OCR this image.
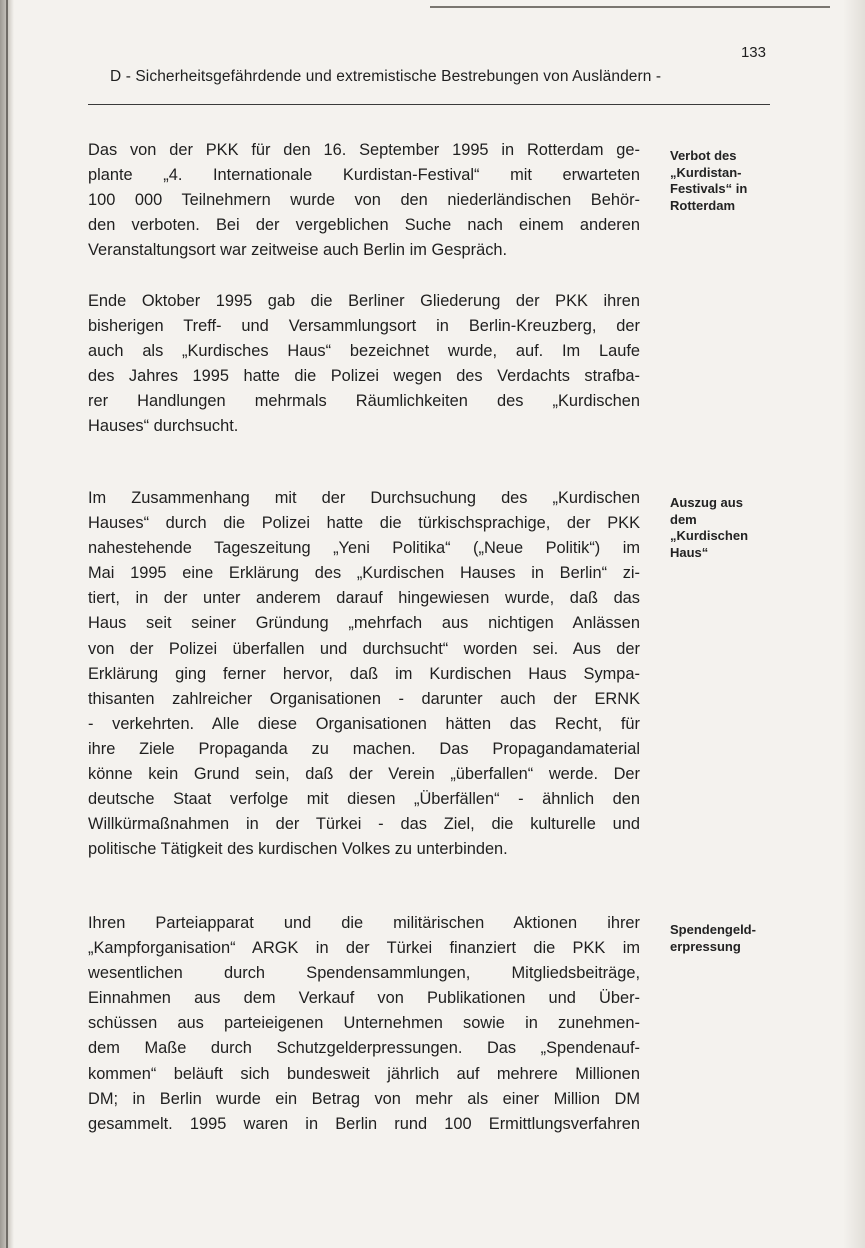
133
D - Sicherheitsgefährdende und extremistische Bestrebungen von Ausländern -

Das von der PKK für den 16. September 1995 in Rotterdam ge-
plante „4. Internationale Kurdistan-Festival“ mit erwarteten
100 000 Teilnehmern wurde von den niederländischen Behör-
den verboten. Bei der vergeblichen Suche nach einem anderen
Veranstaltungsort war zeitweise auch Berlin im Gespräch.

Ende Oktober 1995 gab die Berliner Gliederung der PKK ihren
bisherigen Treff- und Versammlungsort in Berlin-Kreuzberg, der
auch als „Kurdisches Haus“ bezeichnet wurde, auf. Im Laufe
des Jahres 1995 hatte die Polizei wegen des Verdachts strafba-
rer Handlungen mehrmals Räumlichkeiten des „Kurdischen
Hauses“ durchsucht.

Im Zusammenhang mit der Durchsuchung des „Kurdischen
Hauses“ durch die Polizei hatte die türkischsprachige, der PKK
nahestehende Tageszeitung „Yeni Politika“ („Neue Politik“) im
Mai 1995 eine Erklärung des „Kurdischen Hauses in Berlin“ zi-
tiert, in der unter anderem darauf hingewiesen wurde, daß das
Haus seit seiner Gründung „mehrfach aus nichtigen Anlässen
von der Polizei überfallen und durchsucht“ worden sei. Aus der
Erklärung ging ferner hervor, daß im Kurdischen Haus Sympa-
thisanten zahlreicher Organisationen - darunter auch der ERNK
- verkehrten. Alle diese Organisationen hätten das Recht, für
ihre Ziele Propaganda zu machen. Das Propagandamaterial
könne kein Grund sein, daß der Verein „überfallen“ werde. Der
deutsche Staat verfolge mit diesen „Überfällen“ - ähnlich den
Willkürmaßnahmen in der Türkei - das Ziel, die kulturelle und
politische Tätigkeit des kurdischen Volkes zu unterbinden.

Ihren Parteiapparat und die militärischen Aktionen ihrer
„Kampforganisation“ ARGK in der Türkei finanziert die PKK im
wesentlichen durch Spendensammlungen, Mitgliedsbeiträge,
Einnahmen aus dem Verkauf von Publikationen und Über-
schüssen aus parteieigenen Unternehmen sowie in zunehmen-
dem Maße durch Schutzgelderpressungen. Das „Spendenauf-
kommen“ beläuft sich bundesweit jährlich auf mehrere Millionen
DM; in Berlin wurde ein Betrag von mehr als einer Million DM
gesammelt. 1995 waren in Berlin rund 100 Ermittlungsverfahren

Verbot des
„Kurdistan-
Festivals“ in
Rotterdam

Auszug aus
dem
„Kurdischen
Haus“

Spendengeld-
erpressung
